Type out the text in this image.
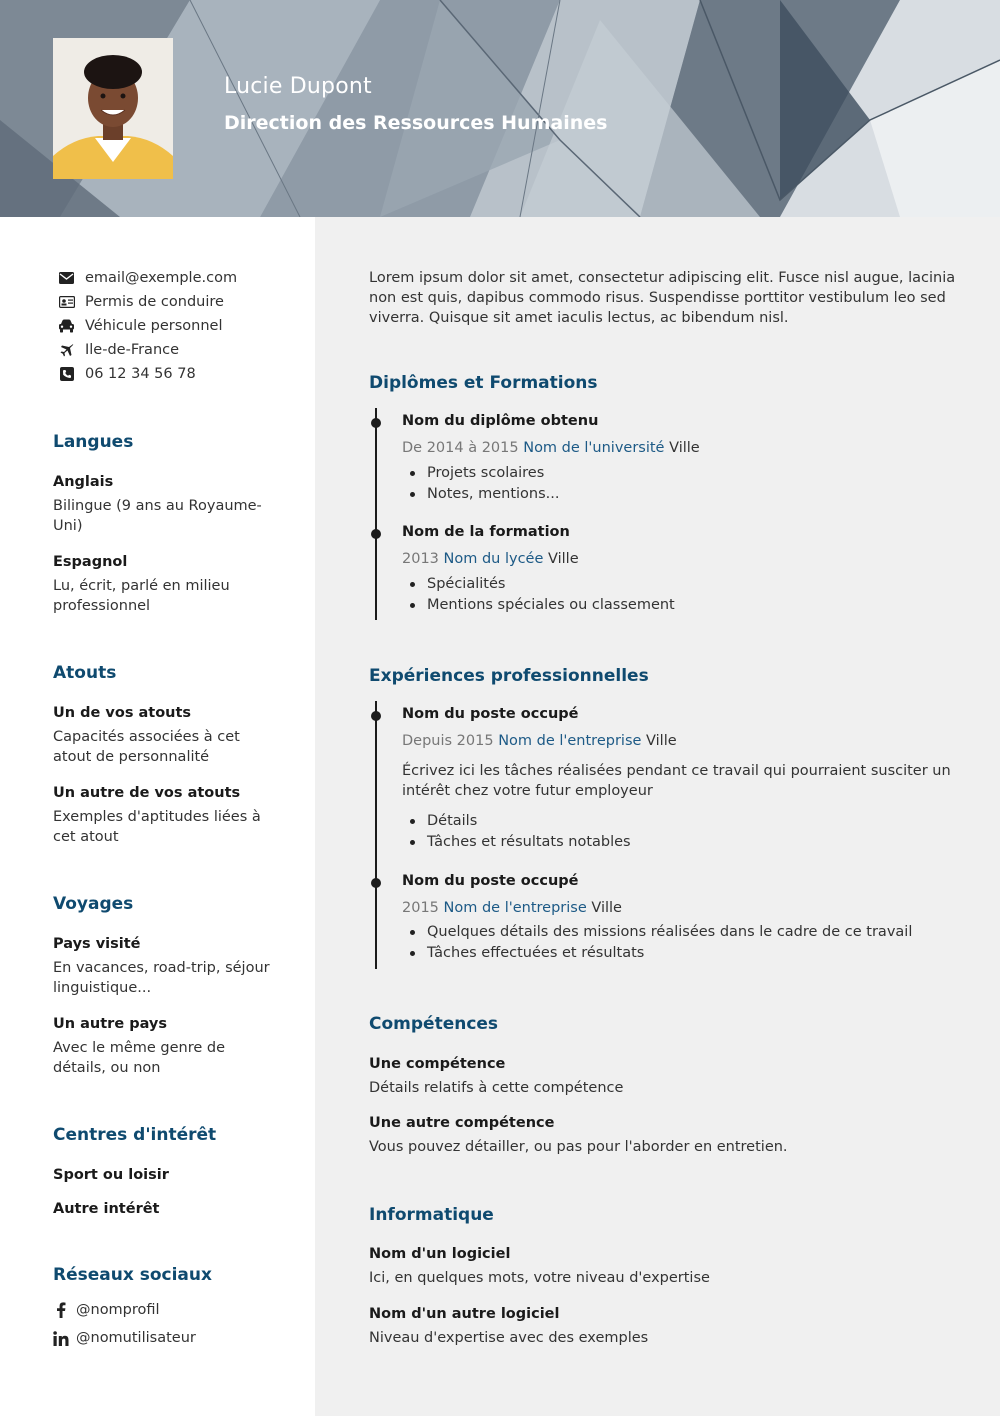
Lucie Dupont
Direction des Ressources Humaines
email@exemple.com
Permis de conduire
Véhicule personnel
Ile-de-France
06 12 34 56 78
Langues
Anglais
Bilingue (9 ans au Royaume-
Uni)
Espagnol
Lu, écrit, parlé en milieu
professionnel
Atouts
Un de vos atouts
Capacités associées à cet
atout de personnalité
Un autre de vos atouts
Exemples d'aptitudes liées à
cet atout
Voyages
Pays visité
En vacances, road-trip, séjour
linguistique...
Un autre pays
Avec le même genre de
détails, ou non
Centres d'intérêt
Sport ou loisir
Autre intérêt
Réseaux sociaux
@nomprofil
@nomutilisateur
Lorem ipsum dolor sit amet, consectetur adipiscing elit. Fusce nisl augue, lacinia
non est quis, dapibus commodo risus. Suspendisse porttitor vestibulum leo sed
viverra. Quisque sit amet iaculis lectus, ac bibendum nisl.
Diplômes et Formations
Nom du diplôme obtenu
De 2014 à 2015 Nom de l'université Ville
Projets scolaires
Notes, mentions...
Nom de la formation
2013 Nom du lycée Ville
Spécialités
Mentions spéciales ou classement
Expériences professionnelles
Nom du poste occupé
Depuis 2015 Nom de l'entreprise Ville
Écrivez ici les tâches réalisées pendant ce travail qui pourraient susciter un
intérêt chez votre futur employeur
Détails
Tâches et résultats notables
Nom du poste occupé
2015 Nom de l'entreprise Ville
Quelques détails des missions réalisées dans le cadre de ce travail
Tâches effectuées et résultats
Compétences
Une compétence
Détails relatifs à cette compétence
Une autre compétence
Vous pouvez détailler, ou pas pour l'aborder en entretien.
Informatique
Nom d'un logiciel
Ici, en quelques mots, votre niveau d'expertise
Nom d'un autre logiciel
Niveau d'expertise avec des exemples
